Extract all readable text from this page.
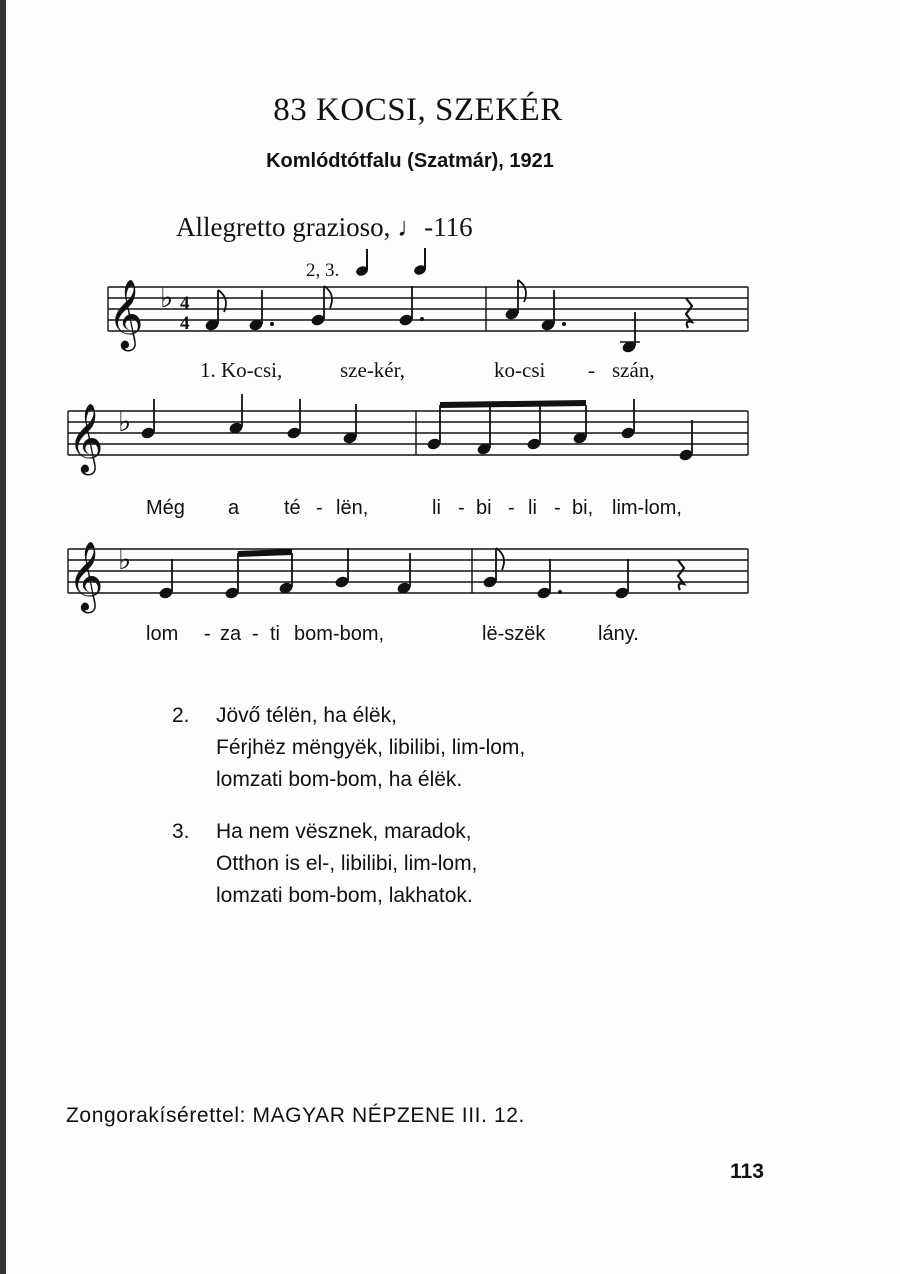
83 KOCSI, SZEKÉR
Komlódtótfalu (Szatmár), 1921
Allegretto grazioso, ♩-116
2, 3.
𝄞 ♭ 4
4
𝄞 ♭
𝄞 ♭
1. Ko-csi,	sze-kér,	ko-csi - szán,
Még a té - lën,	li - bi - li - bi, lim-lom,
lom - za - ti bom-bom,	lë-szëk	lány.
2. Jövő télën, ha élëk,
Férjhëz mëngyëk, libilibi, lim-lom,
lomzati bom-bom, ha élëk.
3. Ha nem vësznek, maradok,
Otthon is el-, libilibi, lim-lom,
lomzati bom-bom, lakhatok.
Zongorakísérettel: MAGYAR NÉPZENE III. 12.
113
